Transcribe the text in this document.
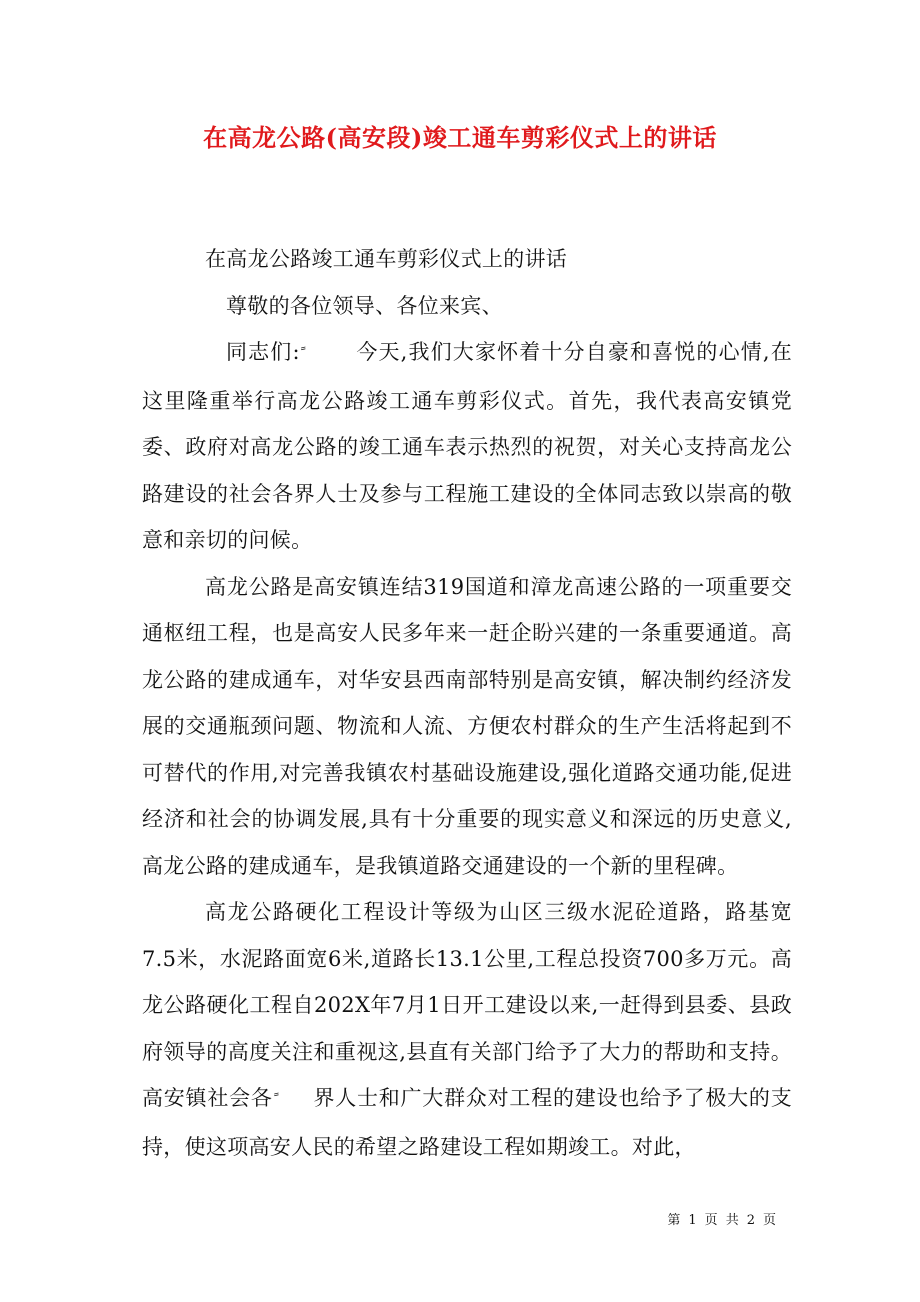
在高龙公路(高安段)竣工通车剪彩仪式上的讲话

在高龙公路竣工通车剪彩仪式上的讲话

尊敬的各位领导、各位来宾、

同志们:	今天,我们大家怀着十分自豪和喜悦的心情,在这里隆重举行高龙公路竣工通车剪彩仪式。首先，我代表高安镇党委、政府对高龙公路的竣工通车表示热烈的祝贺，对关心支持高龙公路建设的社会各界人士及参与工程施工建设的全体同志致以崇高的敬意和亲切的问候。

高龙公路是高安镇连结319国道和漳龙高速公路的一项重要交通枢纽工程，也是高安人民多年来一赶企盼兴建的一条重要通道。高龙公路的建成通车，对华安县西南部特别是高安镇，解决制约经济发展的交通瓶颈问题、物流和人流、方便农村群众的生产生活将起到不可替代的作用,对完善我镇农村基础设施建设,强化道路交通功能,促进经济和社会的协调发展,具有十分重要的现实意义和深远的历史意义,高龙公路的建成通车，是我镇道路交通建设的一个新的里程碑。

高龙公路硬化工程设计等级为山区三级水泥砼道路，路基宽7.5米，水泥路面宽6米,道路长13.1公里,工程总投资700多万元。高龙公路硬化工程自202X年7月1日开工建设以来,一赶得到县委、县政府领导的高度关注和重视这,县直有关部门给予了大力的帮助和支持。高安镇社会各ً 界人士和广大群众对工程的建设也给予了极大的支持，使这项高安人民的希望之路建设工程如期竣工。对此，

第 1 页 共 2 页
